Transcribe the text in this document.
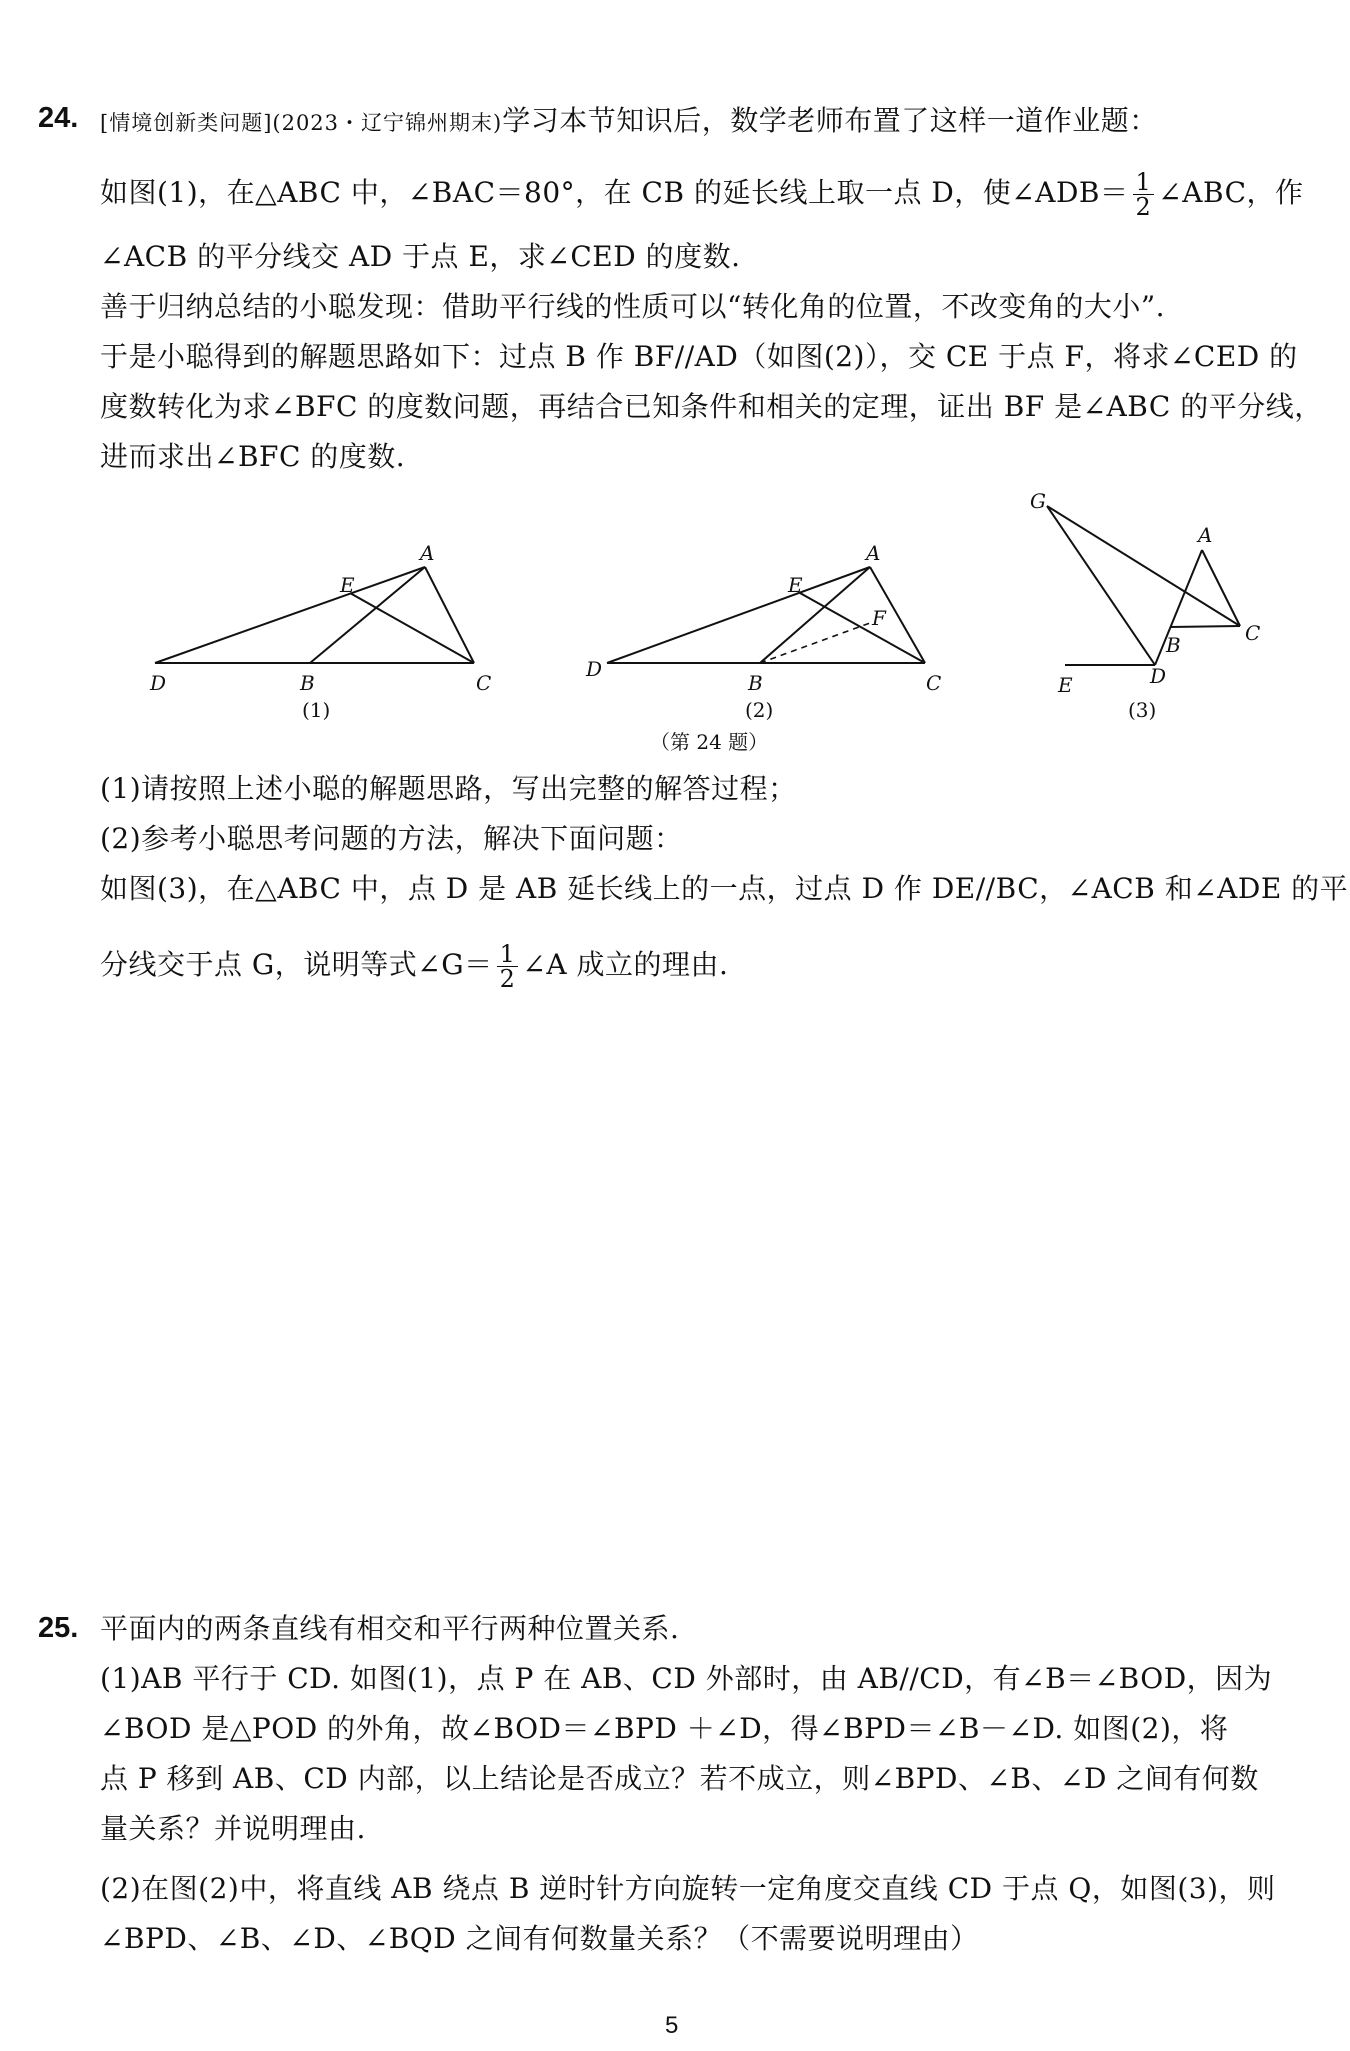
24. [情境创新类问题](2023・辽宁锦州期末)学习本节知识后，数学老师布置了这样一道作业题：
如图(1)，在△ABC 中，∠BAC＝80°，在 CB 的延长线上取一点 D，使∠ADB＝ $\frac{1}{2}$ ∠ABC，作
∠ACB 的平分线交 AD 于点 E，求∠CED 的度数.
善于归纳总结的小聪发现：借助平行线的性质可以“转化角的位置，不改变角的大小”.
于是小聪得到的解题思路如下：过点 B 作 BF//AD（如图(2)），交 CE 于点 F，将求∠CED 的
度数转化为求∠BFC 的度数问题，再结合已知条件和相关的定理，证出 BF 是∠ABC 的平分线，
进而求出∠BFC 的度数.
A
E
D	B	C
A
E
F
D
B	C
G
A
C
B
D
E
(1)	(2)	(3)
（第 24 题）
(1)请按照上述小聪的解题思路，写出完整的解答过程；
(2)参考小聪思考问题的方法，解决下面问题：
如图(3)，在△ABC 中，点 D 是 AB 延长线上的一点，过点 D 作 DE//BC，∠ACB 和∠ADE 的平
分线交于点 G，说明等式∠G＝ $\frac{1}{2}$ ∠A 成立的理由.
25. 平面内的两条直线有相交和平行两种位置关系.
(1)AB 平行于 CD. 如图(1)，点 P 在 AB、CD 外部时，由 AB//CD，有∠B＝∠BOD，因为
∠BOD 是△POD 的外角，故∠BOD＝∠BPD ＋∠D，得∠BPD＝∠B－∠D. 如图(2)，将
点 P 移到 AB、CD 内部，以上结论是否成立？若不成立，则∠BPD、∠B、∠D 之间有何数
量关系？并说明理由.
(2)在图(2)中，将直线 AB 绕点 B 逆时针方向旋转一定角度交直线 CD 于点 Q，如图(3)，则
∠BPD、∠B、∠D、∠BQD 之间有何数量关系？（不需要说明理由）
5
